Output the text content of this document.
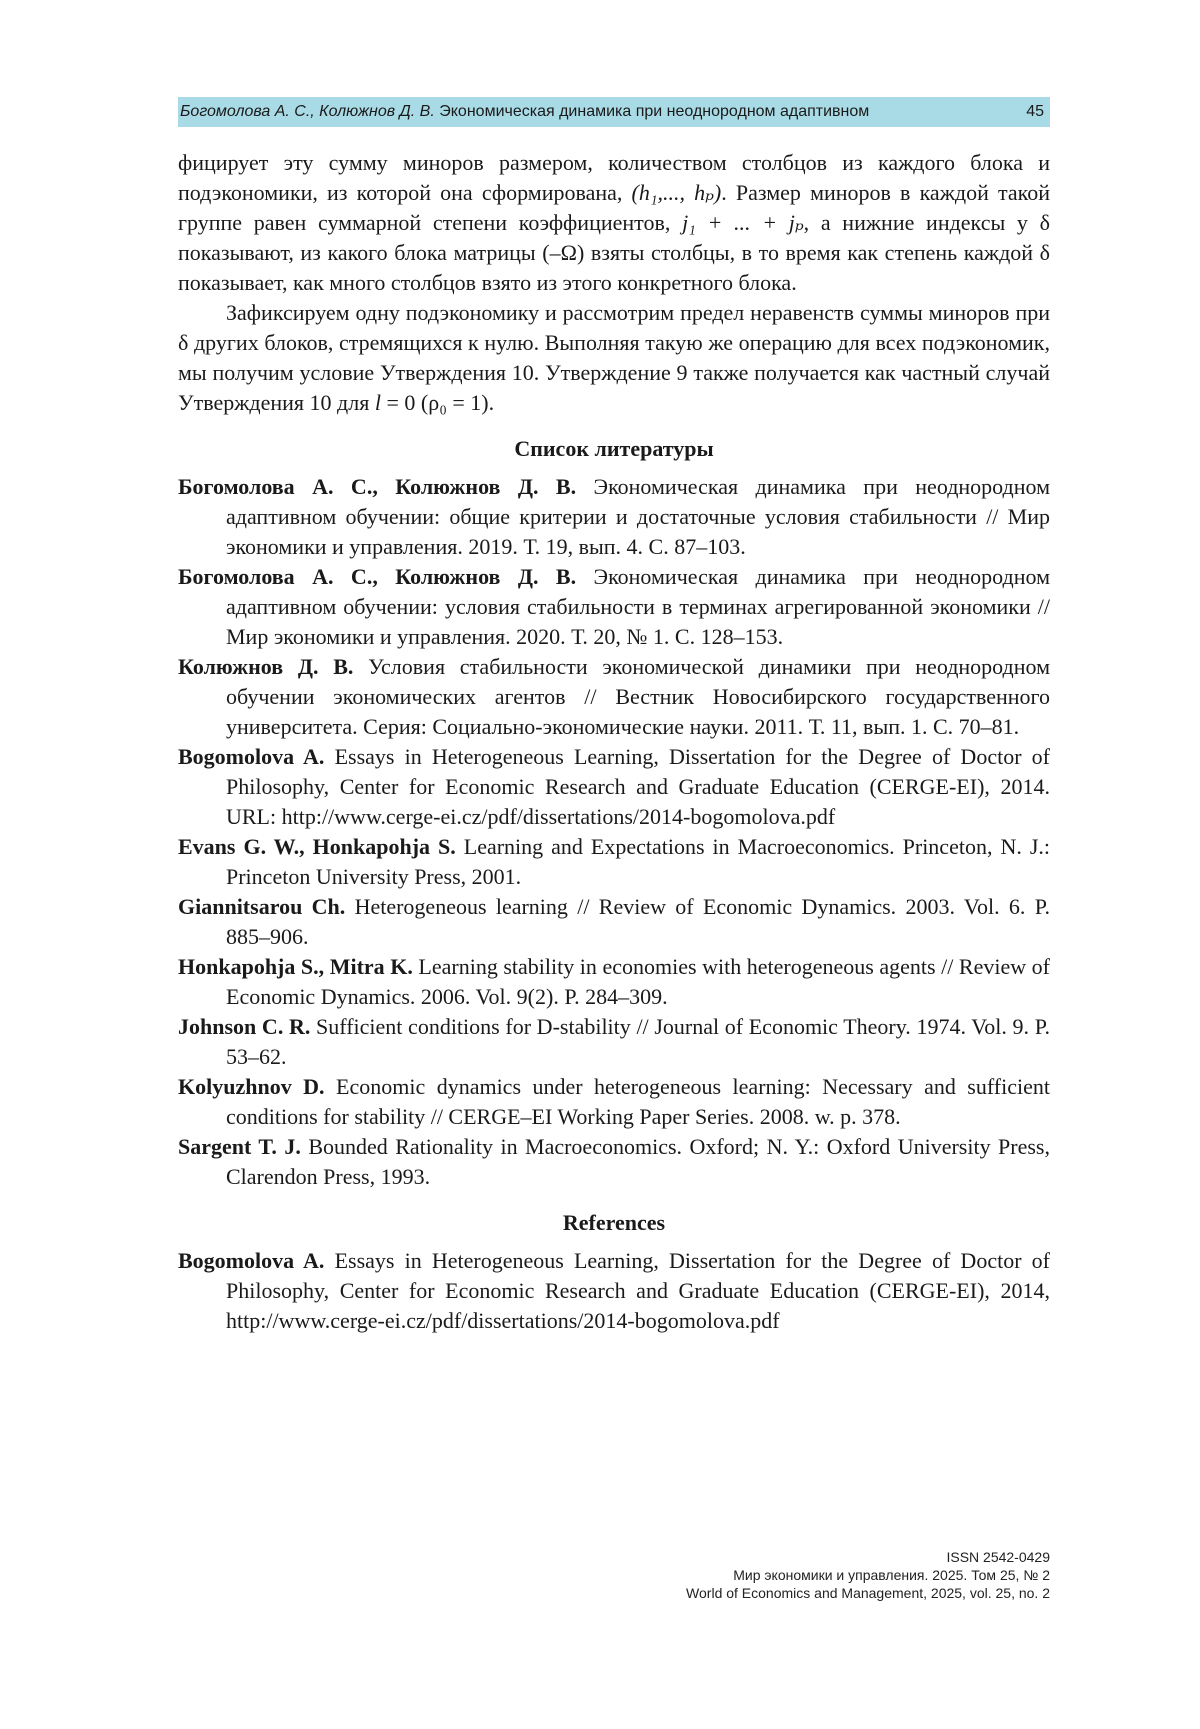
Богомолова А. С., Колюжнов Д. В. Экономическая динамика при неоднородном адаптивном	45

фицирует эту сумму миноров размером, количеством столбцов из каждого блока и подэкономики, из которой она сформирована, (h₁,..., hₚ). Размер миноров в каждой такой группе равен суммарной степени коэффициентов, j₁ + ... + jₚ, а нижние индексы у δ показывают, из какого блока матрицы (–Ω) взяты столбцы, в то время как степень каждой δ показывает, как много столбцов взято из этого конкретного блока.

Зафиксируем одну подэкономику и рассмотрим предел неравенств суммы миноров при δ других блоков, стремящихся к нулю. Выполняя такую же операцию для всех подэкономик, мы получим условие Утверждения 10. Утверждение 9 также получается как частный случай Утверждения 10 для l = 0 (ρ₀ = 1).

Список литературы

Богомолова А. С., Колюжнов Д. В. Экономическая динамика при неоднородном адаптивном обучении: общие критерии и достаточные условия стабильности // Мир экономики и управления. 2019. Т. 19, вып. 4. С. 87–103.

Богомолова А. С., Колюжнов Д. В. Экономическая динамика при неоднородном адаптивном обучении: условия стабильности в терминах агрегированной экономики // Мир экономики и управления. 2020. Т. 20, № 1. С. 128–153.

Колюжнов Д. В. Условия стабильности экономической динамики при неоднородном обучении экономических агентов // Вестник Новосибирского государственного университета. Серия: Социально-экономические науки. 2011. Т. 11, вып. 1. С. 70–81.

Bogomolova A. Essays in Heterogeneous Learning, Dissertation for the Degree of Doctor of Philosophy, Center for Economic Research and Graduate Education (CERGE-EI), 2014. URL: http://www.cerge-ei.cz/pdf/dissertations/2014-bogomolova.pdf

Evans G. W., Honkapohja S. Learning and Expectations in Macroeconomics. Princeton, N. J.: Princeton University Press, 2001.

Giannitsarou Ch. Heterogeneous learning // Review of Economic Dynamics. 2003. Vol. 6. P. 885–906.

Honkapohja S., Mitra K. Learning stability in economies with heterogeneous agents // Review of Economic Dynamics. 2006. Vol. 9(2). P. 284–309.

Johnson C. R. Sufficient conditions for D-stability // Journal of Economic Theory. 1974. Vol. 9. P. 53–62.

Kolyuzhnov D. Economic dynamics under heterogeneous learning: Necessary and sufficient conditions for stability // CERGE–EI Working Paper Series. 2008. w. p. 378.

Sargent T. J. Bounded Rationality in Macroeconomics. Oxford; N. Y.: Oxford University Press, Clarendon Press, 1993.

References

Bogomolova A. Essays in Heterogeneous Learning, Dissertation for the Degree of Doctor of Philosophy, Center for Economic Research and Graduate Education (CERGE-EI), 2014, http://www.cerge-ei.cz/pdf/dissertations/2014-bogomolova.pdf

ISSN 2542-0429
Мир экономики и управления. 2025. Том 25, № 2
World of Economics and Management, 2025, vol. 25, no. 2
